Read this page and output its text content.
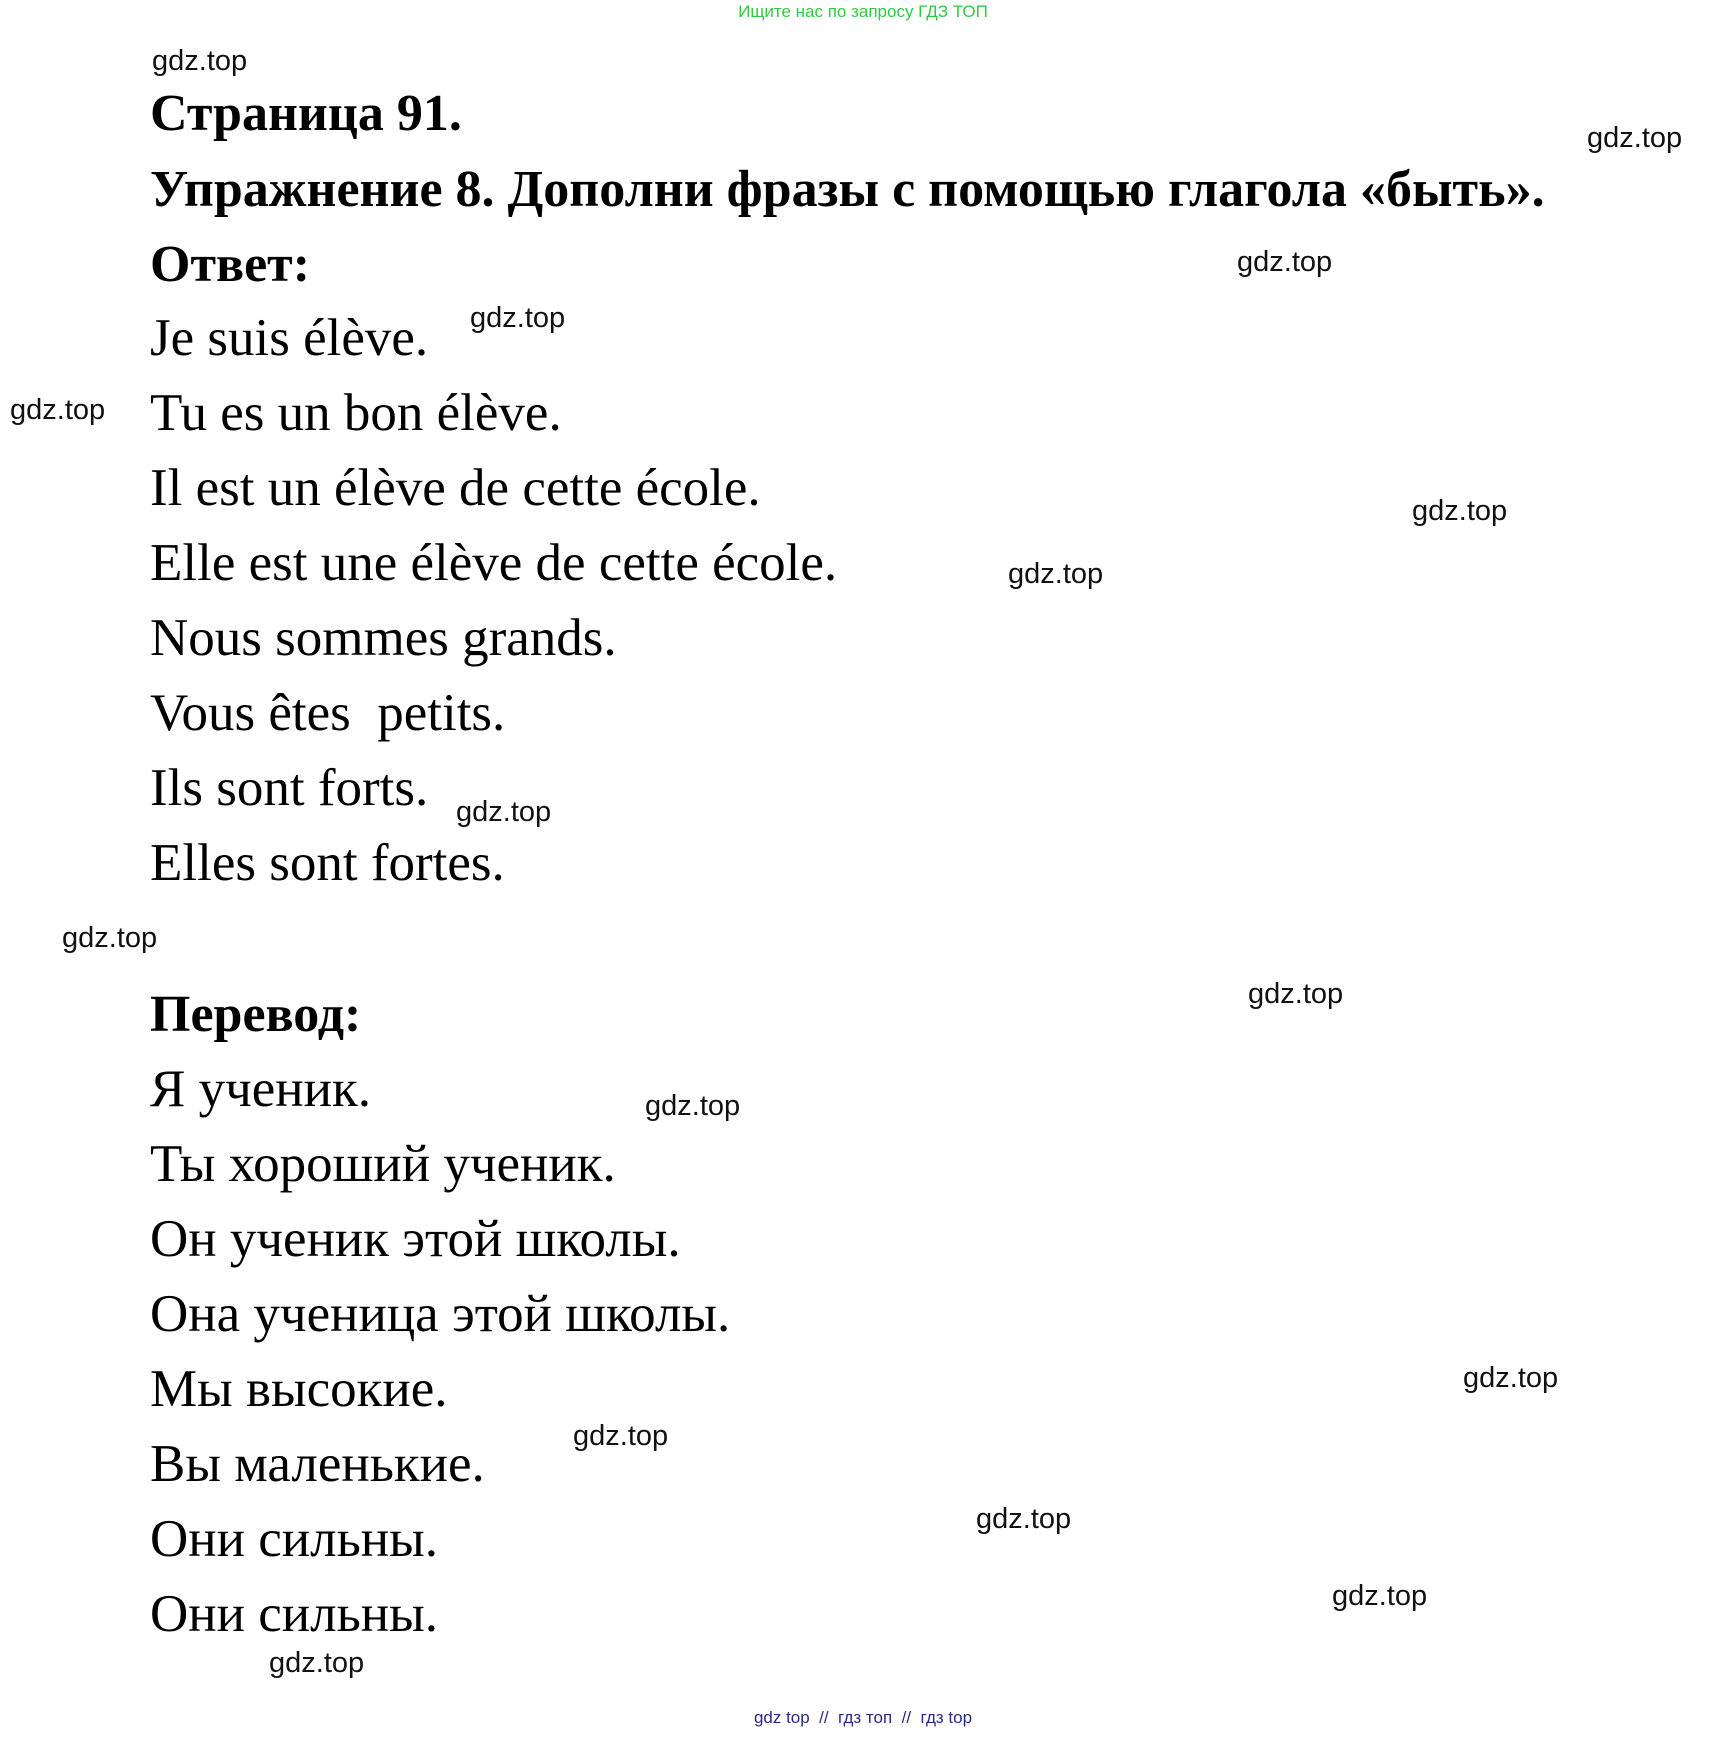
Ищите нас по запросу ГДЗ ТОП
gdz.top
gdz.top
gdz.top
gdz.top
gdz.top
gdz.top
gdz.top
gdz.top
gdz.top
gdz.top
gdz.top
gdz.top
gdz.top
gdz.top
gdz.top
gdz.top
Страница 91.
Упражнение 8. Дополни фразы с помощью глагола «быть».
Ответ:
Je suis élève.
Tu es un bon élève.
Il est un élève de cette école.
Elle est une élève de cette école.
Nous sommes grands.
Vous êtes  petits.
Ils sont forts.
Elles sont fortes.
Перевод:
Я ученик.
Ты хороший ученик.
Он ученик этой школы.
Она ученица этой школы.
Мы высокие.
Вы маленькие.
Они сильны.
Они сильны.
gdz top  //  гдз топ  //  гдз top
